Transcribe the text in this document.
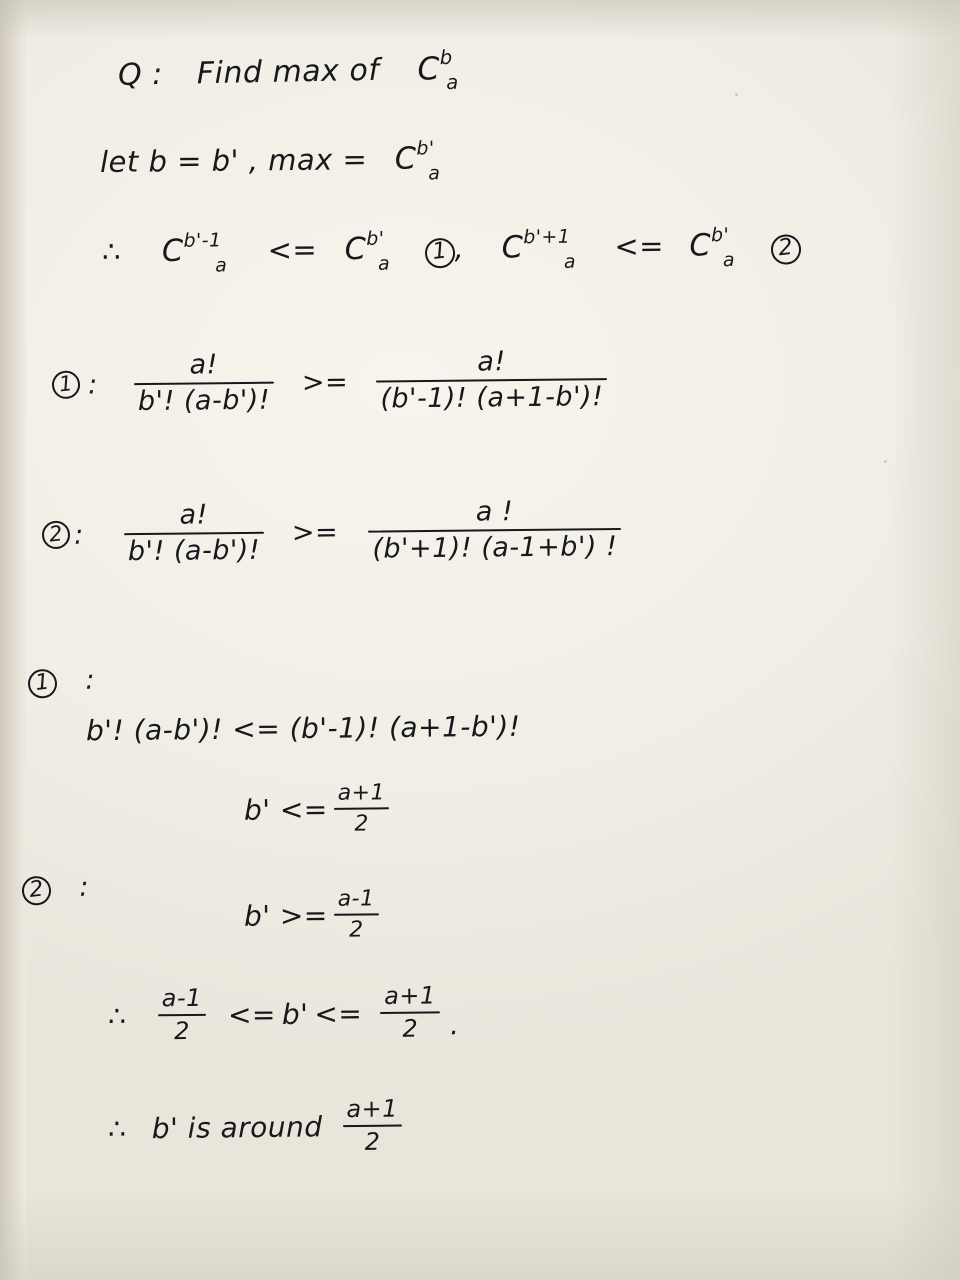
Q : Find max of $C^b_a$
let b = b' , $\max = C^{b'}_a$
∴ $C^{b'-1}_a <= C^{b'}_a$ 1 , $C^{b'+1}_a <= C^{b'}_a$ 2
1 : $\frac{a!}{b'! (a-b')!}$ >=
a!
(b'-1)! (a+1-b')!
2 : $\frac{a!}{b'! (a-b')!}$ >=
a !
(b'+1)! (a-1+b') !
1 :
b'! (a-b')! <= (b'-1)! (a+1-b')!
$b' <= \frac{a+1}{2}$
2 :
$b' >= \frac{a-1}{2}$
∴ $\frac{a-1}{2} <= b' <= \frac{a+1}{2}$ .
∴ b' is around $\frac{a+1}{2}$
